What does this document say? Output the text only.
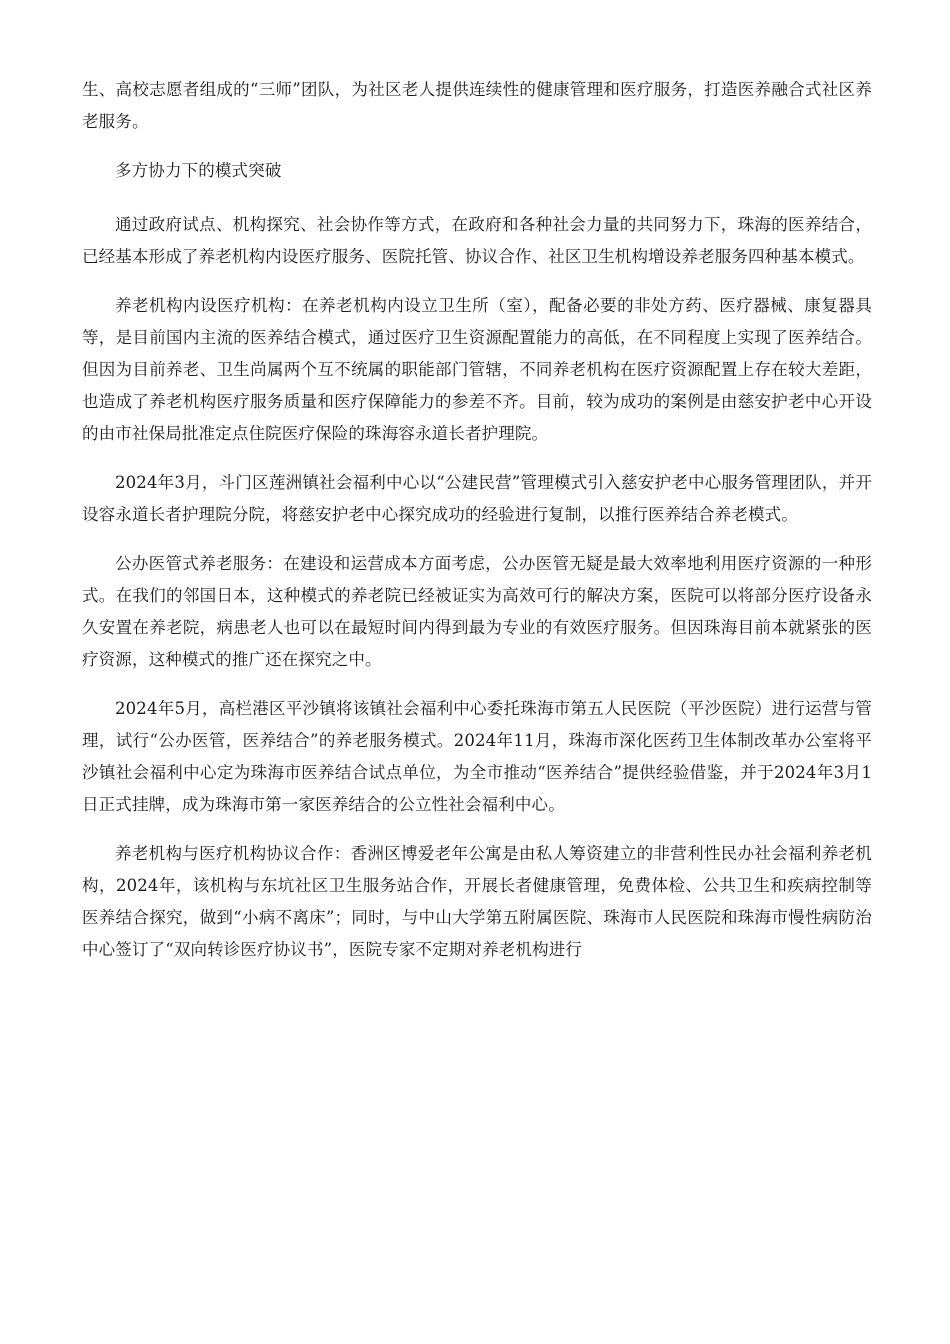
生、高校志愿者组成的“三师”团队，为社区老人提供连续性的健康管理和医疗服务，打造医养融合式社区养老服务。

多方协力下的模式突破

通过政府试点、机构探究、社会协作等方式，在政府和各种社会力量的共同努力下，珠海的医养结合，已经基本形成了养老机构内设医疗服务、医院托管、协议合作、社区卫生机构增设养老服务四种基本模式。

养老机构内设医疗机构：在养老机构内设立卫生所（室），配备必要的非处方药、医疗器械、康复器具等，是目前国内主流的医养结合模式，通过医疗卫生资源配置能力的高低，在不同程度上实现了医养结合。但因为目前养老、卫生尚属两个互不统属的职能部门管辖，不同养老机构在医疗资源配置上存在较大差距，也造成了养老机构医疗服务质量和医疗保障能力的参差不齐。目前，较为成功的案例是由慈安护老中心开设的由市社保局批准定点住院医疗保险的珠海容永道长者护理院。

2024年3月，斗门区莲洲镇社会福利中心以“公建民营”管理模式引入慈安护老中心服务管理团队，并开设容永道长者护理院分院，将慈安护老中心探究成功的经验进行复制，以推行医养结合养老模式。

公办医管式养老服务：在建设和运营成本方面考虑，公办医管无疑是最大效率地利用医疗资源的一种形式。在我们的邻国日本，这种模式的养老院已经被证实为高效可行的解决方案，医院可以将部分医疗设备永久安置在养老院，病患老人也可以在最短时间内得到最为专业的有效医疗服务。但因珠海目前本就紧张的医疗资源，这种模式的推广还在探究之中。

2024年5月，高栏港区平沙镇将该镇社会福利中心委托珠海市第五人民医院（平沙医院）进行运营与管理，试行“公办医管，医养结合”的养老服务模式。2024年11月，珠海市深化医药卫生体制改革办公室将平沙镇社会福利中心定为珠海市医养结合试点单位，为全市推动“医养结合”提供经验借鉴，并于2024年3月1日正式挂牌，成为珠海市第一家医养结合的公立性社会福利中心。

养老机构与医疗机构协议合作：香洲区博爱老年公寓是由私人筹资建立的非营利性民办社会福利养老机构，2024年，该机构与东坑社区卫生服务站合作，开展长者健康管理，免费体检、公共卫生和疾病控制等医养结合探究，做到“小病不离床”；同时，与中山大学第五附属医院、珠海市人民医院和珠海市慢性病防治中心签订了“双向转诊医疗协议书”，医院专家不定期对养老机构进行
